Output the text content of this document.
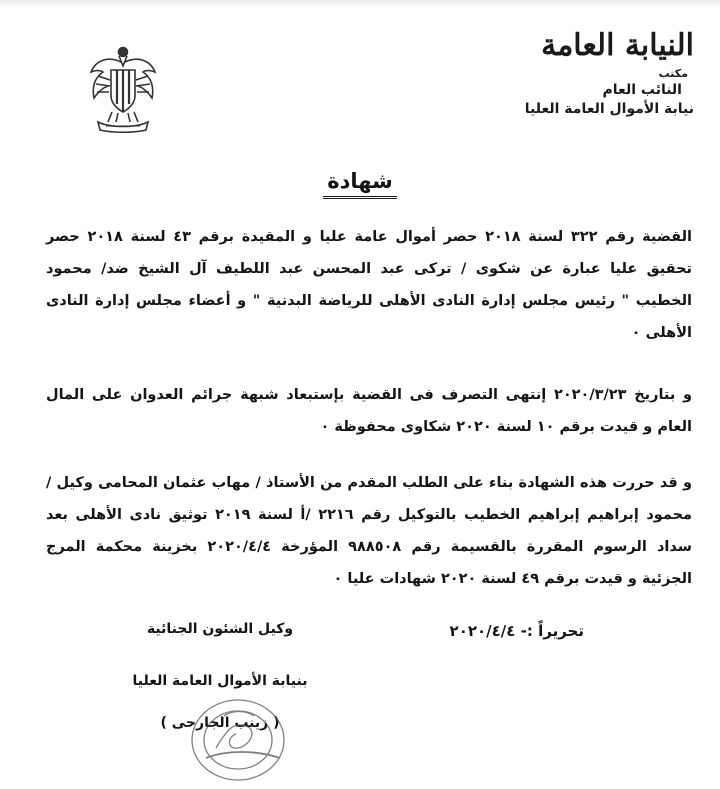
النيابة العامة
مكتب
النائب العام
نيابة الأموال العامة العليا
شهادة
القضية رقم ٣٢٢ لسنة ٢٠١٨ حصر أموال عامة عليا و المقيدة برقم ٤٣ لسنة ٢٠١٨ حصر تحقيق عليا عبارة عن شكوى / تركى عبد المحسن عبد اللطيف آل الشيخ ضد/ محمود الخطيب " رئيس مجلس إدارة النادى الأهلى للرياضة البدنية " و أعضاء مجلس إدارة النادى الأهلى ٠
و بتاريخ ٢٠٢٠/٣/٢٣ إنتهى التصرف فى القضية بإستبعاد شبهة جرائم العدوان على المال العام و قيدت برقم ١٠ لسنة ٢٠٢٠ شكاوى محفوظة ٠
و قد حررت هذه الشهادة بناء على الطلب المقدم من الأستاذ / مهاب عثمان المحامى وكيل / محمود إبراهيم إبراهيم الخطيب بالتوكيل رقم ٢٢١٦ /أ لسنة ٢٠١٩ توثيق نادى الأهلى بعد سداد الرسوم المقررة بالقسيمة رقم ٩٨٨٥٠٨ المؤرخة ٢٠٢٠/٤/٤ بخزينة محكمة المرج الجزئية و قيدت برقم ٤٩ لسنة ٢٠٢٠ شهادات عليا ٠
تحريراً :- ٢٠٢٠/٤/٤
وكيل الشئون الجنائية
بنيابة الأموال العامة العليا
( زينب الجارحى )
